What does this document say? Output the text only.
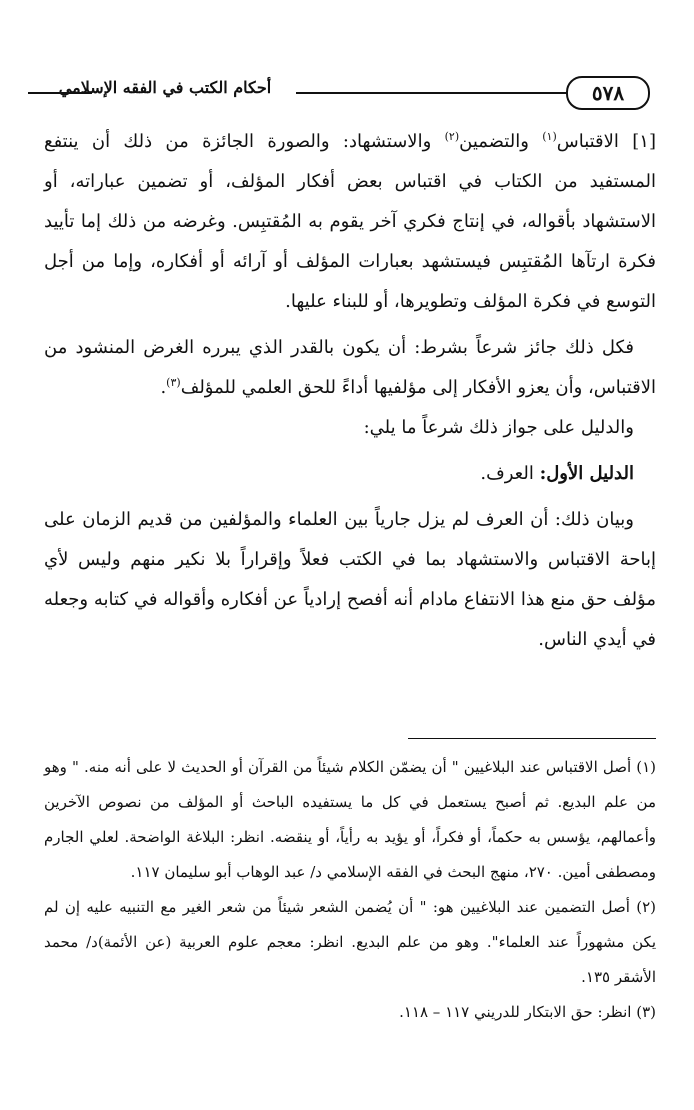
٥٧٨
أحكام الكتب في الفقه الإسلامي

[١] الاقتباس$^{(١)}$ والتضمين$^{(٢)}$ والاستشهاد: والصورة الجائزة من ذلك أن ينتفع المستفيد من الكتاب في اقتباس بعض أفكار المؤلف، أو تضمين عباراته، أو الاستشهاد بأقواله، في إنتاج فكري آخر يقوم به المُقتبِس. وغرضه من ذلك إما تأييد فكرة ارتآها المُقتبِس فيستشهد بعبارات المؤلف أو آرائه أو أفكاره، وإما من أجل التوسع في فكرة المؤلف وتطويرها، أو للبناء عليها.

فكل ذلك جائز شرعاً بشرط: أن يكون بالقدر الذي يبرره الغرض المنشود من الاقتباس، وأن يعزو الأفكار إلى مؤلفيها أداءً للحق العلمي للمؤلف$^{(٣)}$.

والدليل على جواز ذلك شرعاً ما يلي:

الدليل الأول: العرف.

وبيان ذلك: أن العرف لم يزل جارياً بين العلماء والمؤلفين من قديم الزمان على إباحة الاقتباس والاستشهاد بما في الكتب فعلاً وإقراراً بلا نكير منهم وليس لأي مؤلف حق منع هذا الانتفاع مادام أنه أفصح إرادياً عن أفكاره وأقواله في كتابه وجعله في أيدي الناس.

(١) أصل الاقتباس عند البلاغيين " أن يضمّن الكلام شيئاً من القرآن أو الحديث لا على أنه منه. " وهو من علم البديع. ثم أصبح يستعمل في كل ما يستفيده الباحث أو المؤلف من نصوص الآخرين وأعمالهم، يؤسس به حكماً، أو فكراً، أو يؤيد به رأياً، أو ينقضه. انظر: البلاغة الواضحة. لعلي الجارم ومصطفى أمين. ٢٧٠، منهج البحث في الفقه الإسلامي د/ عبد الوهاب أبو سليمان ١١٧.

(٢) أصل التضمين عند البلاغيين هو: " أن يُضمن الشعر شيئاً من شعر الغير مع التنبيه عليه إن لم يكن مشهوراً عند العلماء". وهو من علم البديع. انظر: معجم علوم العربية (عن الأئمة)د/ محمد الأشقر ١٣٥.

(٣) انظر: حق الابتكار للدريني ١١٧ – ١١٨.
